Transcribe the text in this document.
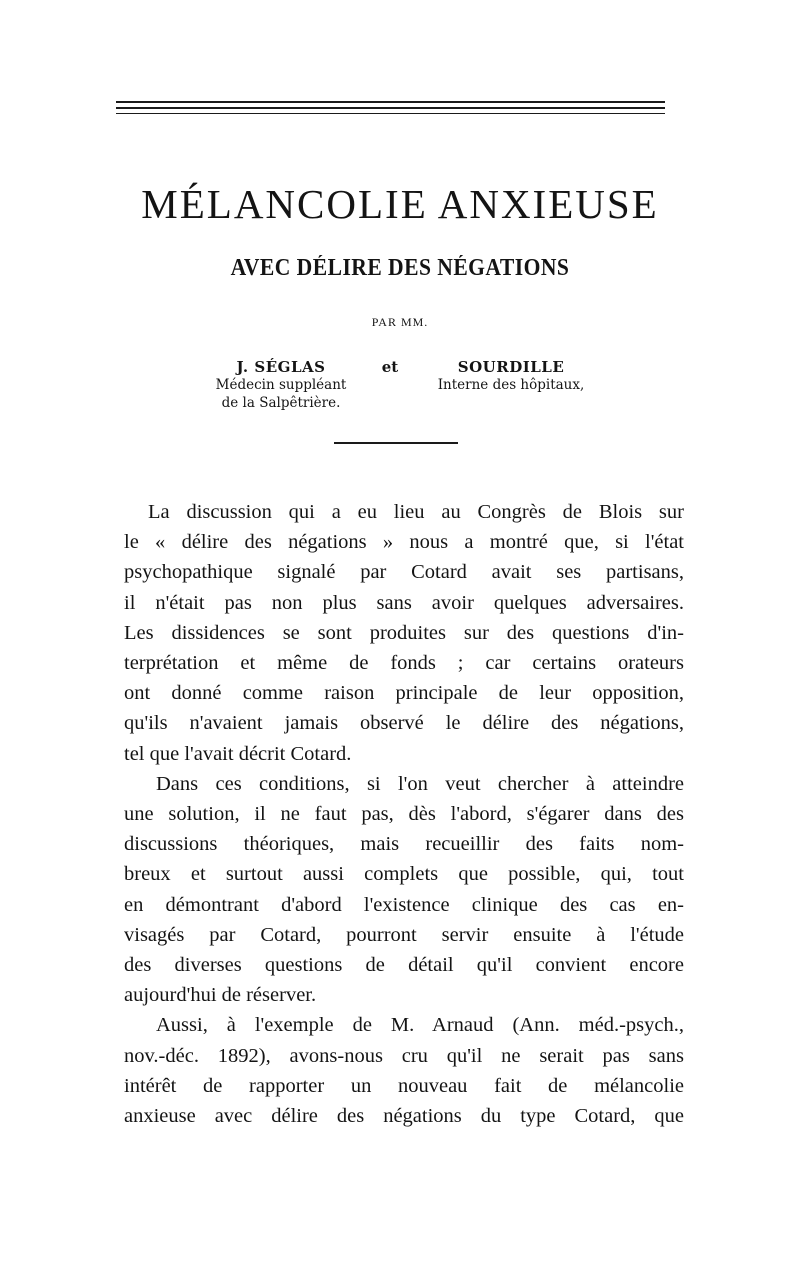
MÉLANCOLIE ANXIEUSE
AVEC DÉLIRE DES NÉGATIONS
PAR MM.
J. SÉGLAS
Médecin suppléant
de la Salpêtrière.
et	SOURDILLE
Interne des hôpitaux,

La discussion qui a eu lieu au Congrès de Blois sur
le « délire des négations » nous a montré que, si l'état
psychopathique signalé par Cotard avait ses partisans,
il n'était pas non plus sans avoir quelques adversaires.
Les dissidences se sont produites sur des questions d'in-
terprétation et même de fonds ; car certains orateurs
ont donné comme raison principale de leur opposition,
qu'ils n'avaient jamais observé le délire des négations,
tel que l'avait décrit Cotard.

Dans ces conditions, si l'on veut chercher à atteindre
une solution, il ne faut pas, dès l'abord, s'égarer dans des
discussions théoriques, mais recueillir des faits nom-
breux et surtout aussi complets que possible, qui, tout
en démontrant d'abord l'existence clinique des cas en-
visagés par Cotard, pourront servir ensuite à l'étude
des diverses questions de détail qu'il convient encore
aujourd'hui de réserver.

Aussi, à l'exemple de M. Arnaud (Ann. méd.-psych.,
nov.-déc. 1892), avons-nous cru qu'il ne serait pas sans
intérêt de rapporter un nouveau fait de mélancolie
anxieuse avec délire des négations du type Cotard, que
